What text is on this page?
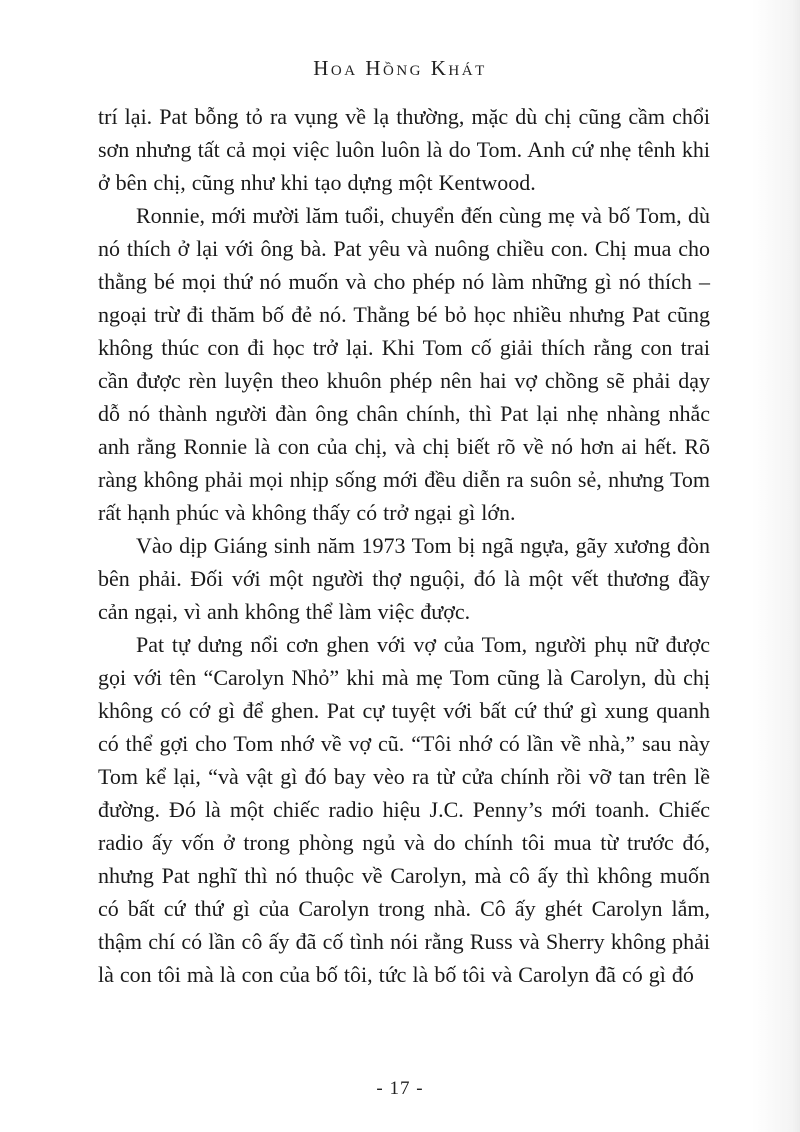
Hoa Hồng Khát

trí lại. Pat bỗng tỏ ra vụng về lạ thường, mặc dù chị cũng cầm chổi sơn nhưng tất cả mọi việc luôn luôn là do Tom. Anh cứ nhẹ tênh khi ở bên chị, cũng như khi tạo dựng một Kentwood.

Ronnie, mới mười lăm tuổi, chuyển đến cùng mẹ và bố Tom, dù nó thích ở lại với ông bà. Pat yêu và nuông chiều con. Chị mua cho thằng bé mọi thứ nó muốn và cho phép nó làm những gì nó thích – ngoại trừ đi thăm bố đẻ nó. Thằng bé bỏ học nhiều nhưng Pat cũng không thúc con đi học trở lại. Khi Tom cố giải thích rằng con trai cần được rèn luyện theo khuôn phép nên hai vợ chồng sẽ phải dạy dỗ nó thành người đàn ông chân chính, thì Pat lại nhẹ nhàng nhắc anh rằng Ronnie là con của chị, và chị biết rõ về nó hơn ai hết. Rõ ràng không phải mọi nhịp sống mới đều diễn ra suôn sẻ, nhưng Tom rất hạnh phúc và không thấy có trở ngại gì lớn.

Vào dịp Giáng sinh năm 1973 Tom bị ngã ngựa, gãy xương đòn bên phải. Đối với một người thợ nguội, đó là một vết thương đầy cản ngại, vì anh không thể làm việc được.

Pat tự dưng nổi cơn ghen với vợ của Tom, người phụ nữ được gọi với tên “Carolyn Nhỏ” khi mà mẹ Tom cũng là Carolyn, dù chị không có cớ gì để ghen. Pat cự tuyệt với bất cứ thứ gì xung quanh có thể gợi cho Tom nhớ về vợ cũ. “Tôi nhớ có lần về nhà,” sau này Tom kể lại, “và vật gì đó bay vèo ra từ cửa chính rồi vỡ tan trên lề đường. Đó là một chiếc radio hiệu J.C. Penny’s mới toanh. Chiếc radio ấy vốn ở trong phòng ngủ và do chính tôi mua từ trước đó, nhưng Pat nghĩ thì nó thuộc về Carolyn, mà cô ấy thì không muốn có bất cứ thứ gì của Carolyn trong nhà. Cô ấy ghét Carolyn lắm, thậm chí có lần cô ấy đã cố tình nói rằng Russ và Sherry không phải là con tôi mà là con của bố tôi, tức là bố tôi và Carolyn đã có gì đó

- 17 -
